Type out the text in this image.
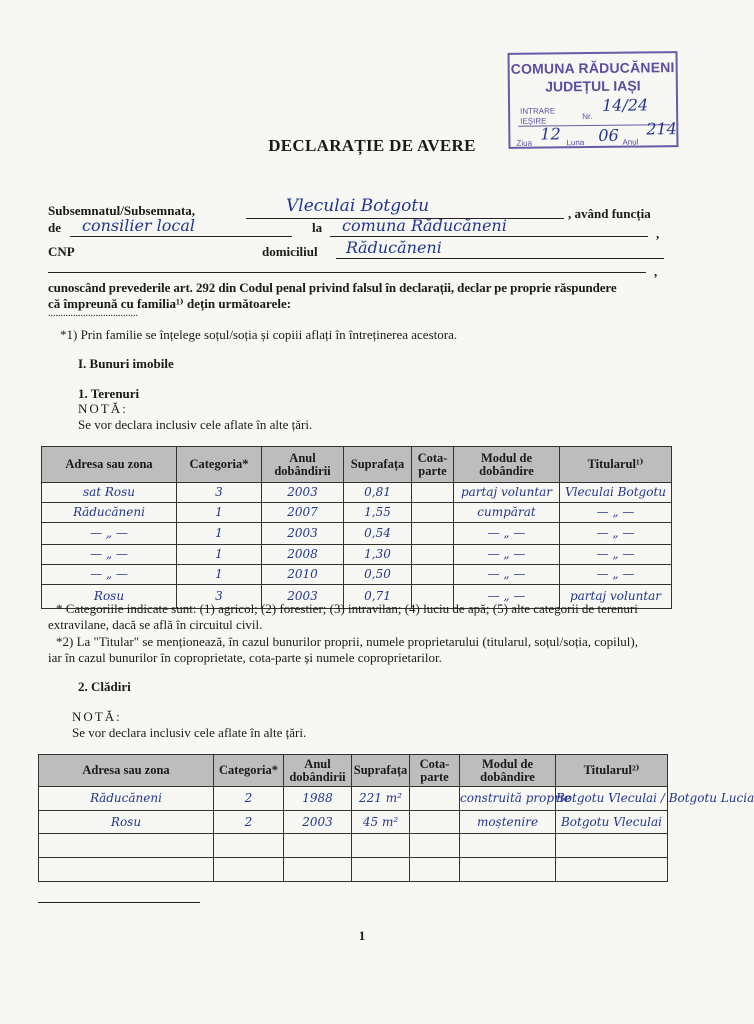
COMUNA RĂDUCĂNENI
JUDEȚUL IAȘI
INTRARE
IEȘIRE	Nr.
14/24
Ziua 12 Luna 06 Anul
214
DECLARAȚIE DE AVERE
Subsemnatul/Subsemnata,	Vleculai Botgotu	, având funcția
de consilier local	la comuna Răducăneni	,
CNP	domiciliul Răducăneni
,
cunoscând prevederile art. 292 din Codul penal privind falsul în declarații, declar pe proprie răspundere
că împreună cu familia¹⁾ dețin următoarele:
....................................
*1) Prin familie se înțelege soțul/soția și copiii aflați în întreținerea acestora.
I. Bunuri imobile
1. Terenuri
NOTĂ:
Se vor declara inclusiv cele aflate în alte țări.
Adresa sau zona	Categoria*	Anul dobândirii	Suprafața	Cota-parte	Modul de dobândire	Titularul¹⁾
sat Rosu	3	2003	0,81		partaj voluntar	Vleculai Botgotu
Răducăneni	1	2007	1,55		cumpărat	— „ —
— „ —	1	2003	0,54		— „ —	— „ —
— „ —	1	2008	1,30		— „ —	— „ —
— „ —	1	2010	0,50		— „ —	— „ —
Rosu	3	2003	0,71		— „ —	partaj voluntar
* Categoriile indicate sunt: (1) agricol; (2) forestier; (3) intravilan; (4) luciu de apă; (5) alte categorii de terenuri
extravilane, dacă se află în circuitul civil.
*2) La "Titular" se menționează, în cazul bunurilor proprii, numele proprietarului (titularul, soțul/soția, copilul),
iar în cazul bunurilor în coproprietate, cota-parte și numele coproprietarilor.
2. Clădiri
NOTĂ:
Se vor declara inclusiv cele aflate în alte țări.
Adresa sau zona	Categoria*	Anul dobândirii	Suprafața	Cota-parte	Modul de dobândire	Titularul²⁾
Răducăneni	2	1988	221 m²		construită proprie	Botgotu Vleculai / Botgotu Lucia
Rosu	2	2003	45 m²		moștenire	Botgotu Vleculai

1
